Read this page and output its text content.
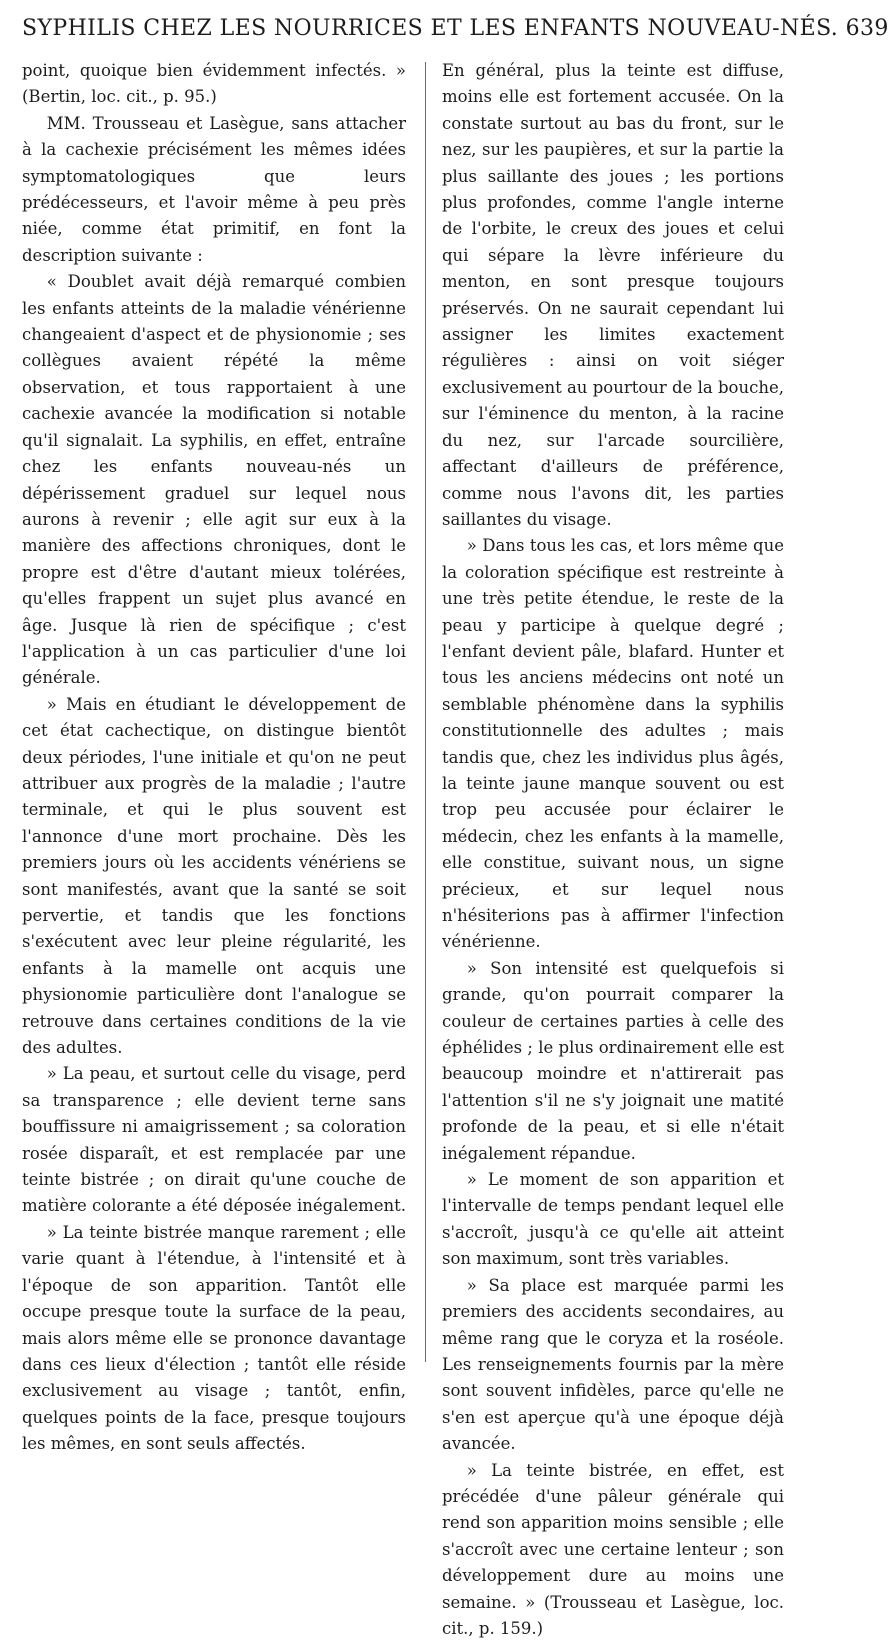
SYPHILIS CHEZ LES NOURRICES ET LES ENFANTS NOUVEAU-NÉS. 639

point, quoique bien évidemment infectés. » (Bertin, loc. cit., p. 95.)

MM. Trousseau et Lasègue, sans attacher à la cachexie précisément les mêmes idées symptomatologiques que leurs prédécesseurs, et l'avoir même à peu près niée, comme état primitif, en font la description suivante :

« Doublet avait déjà remarqué combien les enfants atteints de la maladie vénérienne changeaient d'aspect et de physionomie ; ses collègues avaient répété la même observation, et tous rapportaient à une cachexie avancée la modification si notable qu'il signalait. La syphilis, en effet, entraîne chez les enfants nouveau-nés un dépérissement graduel sur lequel nous aurons à revenir ; elle agit sur eux à la manière des affections chroniques, dont le propre est d'être d'autant mieux tolérées, qu'elles frappent un sujet plus avancé en âge. Jusque là rien de spécifique ; c'est l'application à un cas particulier d'une loi générale.

» Mais en étudiant le développement de cet état cachectique, on distingue bientôt deux périodes, l'une initiale et qu'on ne peut attribuer aux progrès de la maladie ; l'autre terminale, et qui le plus souvent est l'annonce d'une mort prochaine. Dès les premiers jours où les accidents vénériens se sont manifestés, avant que la santé se soit pervertie, et tandis que les fonctions s'exécutent avec leur pleine régularité, les enfants à la mamelle ont acquis une physionomie particulière dont l'analogue se retrouve dans certaines conditions de la vie des adultes.

» La peau, et surtout celle du visage, perd sa transparence ; elle devient terne sans bouffissure ni amaigrissement ; sa coloration rosée disparaît, et est remplacée par une teinte bistrée ; on dirait qu'une couche de matière colorante a été déposée inégalement.

» La teinte bistrée manque rarement ; elle varie quant à l'étendue, à l'intensité et à l'époque de son apparition. Tantôt elle occupe presque toute la surface de la peau, mais alors même elle se prononce davantage dans ces lieux d'élection ; tantôt elle réside exclusivement au visage ; tantôt, enfin, quelques points de la face, presque toujours les mêmes, en sont seuls affectés.

En général, plus la teinte est diffuse, moins elle est fortement accusée. On la constate surtout au bas du front, sur le nez, sur les paupières, et sur la partie la plus saillante des joues ; les portions plus profondes, comme l'angle interne de l'orbite, le creux des joues et celui qui sépare la lèvre inférieure du menton, en sont presque toujours préservés. On ne saurait cependant lui assigner les limites exactement régulières : ainsi on voit siéger exclusivement au pourtour de la bouche, sur l'éminence du menton, à la racine du nez, sur l'arcade sourcilière, affectant d'ailleurs de préférence, comme nous l'avons dit, les parties saillantes du visage.

» Dans tous les cas, et lors même que la coloration spécifique est restreinte à une très petite étendue, le reste de la peau y participe à quelque degré ; l'enfant devient pâle, blafard. Hunter et tous les anciens médecins ont noté un semblable phénomène dans la syphilis constitutionnelle des adultes ; mais tandis que, chez les individus plus âgés, la teinte jaune manque souvent ou est trop peu accusée pour éclairer le médecin, chez les enfants à la mamelle, elle constitue, suivant nous, un signe précieux, et sur lequel nous n'hésiterions pas à affirmer l'infection vénérienne.

» Son intensité est quelquefois si grande, qu'on pourrait comparer la couleur de certaines parties à celle des éphélides ; le plus ordinairement elle est beaucoup moindre et n'attirerait pas l'attention s'il ne s'y joignait une matité profonde de la peau, et si elle n'était inégalement répandue.

» Le moment de son apparition et l'intervalle de temps pendant lequel elle s'accroît, jusqu'à ce qu'elle ait atteint son maximum, sont très variables.

» Sa place est marquée parmi les premiers des accidents secondaires, au même rang que le coryza et la roséole. Les renseignements fournis par la mère sont souvent infidèles, parce qu'elle ne s'en est aperçue qu'à une époque déjà avancée.

» La teinte bistrée, en effet, est précédée d'une pâleur générale qui rend son apparition moins sensible ; elle s'accroît avec une certaine lenteur ; son développement dure au moins une semaine. » (Trousseau et Lasègue, loc. cit., p. 159.)
